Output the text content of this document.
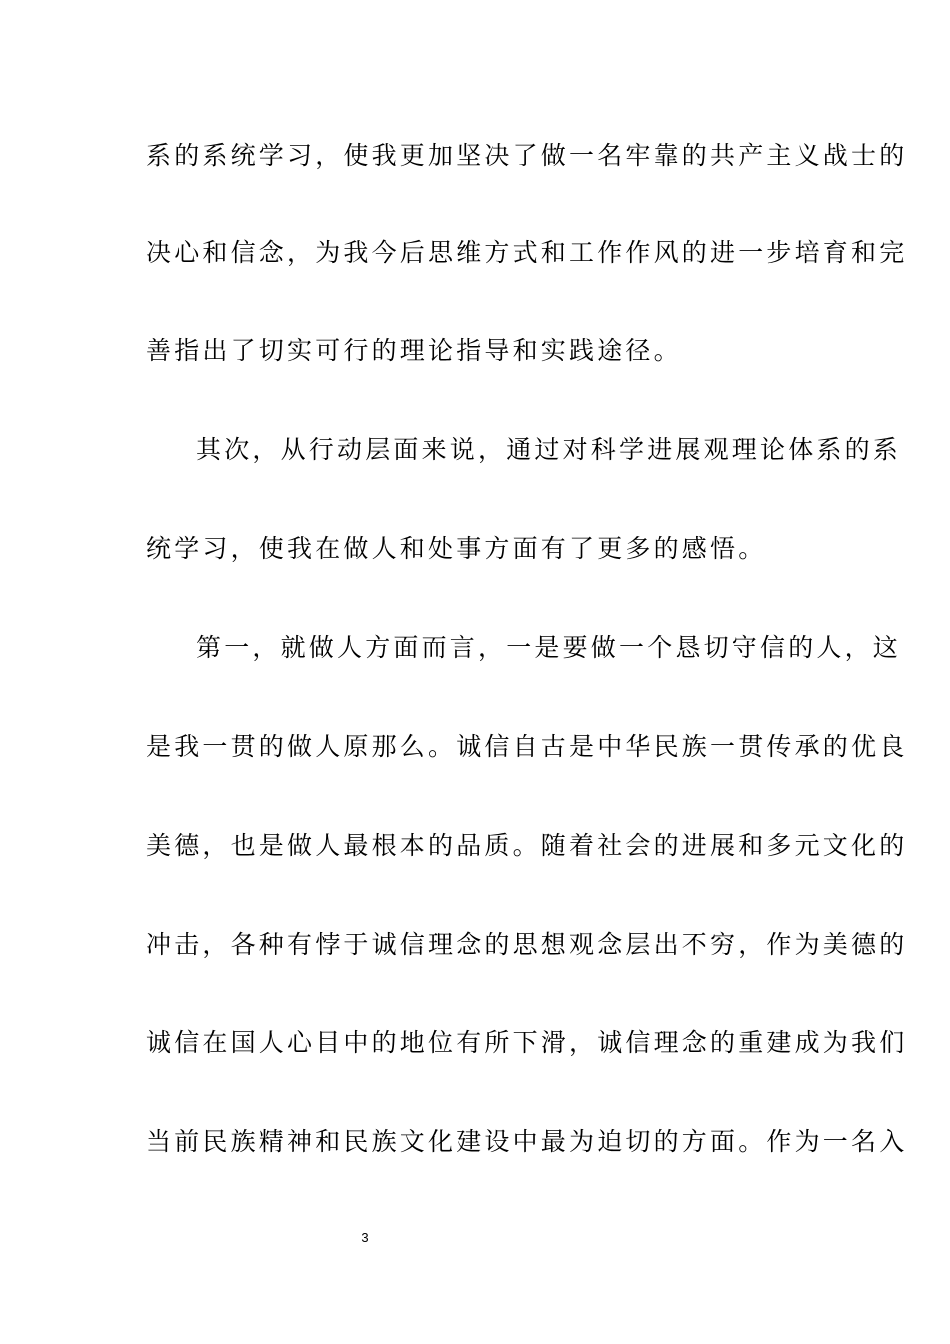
系的系统学习，使我更加坚决了做一名牢靠的共产主义战士的
决心和信念，为我今后思维方式和工作作风的进一步培育和完
善指出了切实可行的理论指导和实践途径。
其次，从行动层面来说，通过对科学进展观理论体系的系
统学习，使我在做人和处事方面有了更多的感悟。
第一，就做人方面而言，一是要做一个恳切守信的人，这
是我一贯的做人原那么。诚信自古是中华民族一贯传承的优良
美德，也是做人最根本的品质。随着社会的进展和多元文化的
冲击，各种有悖于诚信理念的思想观念层出不穷，作为美德的
诚信在国人心目中的地位有所下滑，诚信理念的重建成为我们
当前民族精神和民族文化建设中最为迫切的方面。作为一名入
3
